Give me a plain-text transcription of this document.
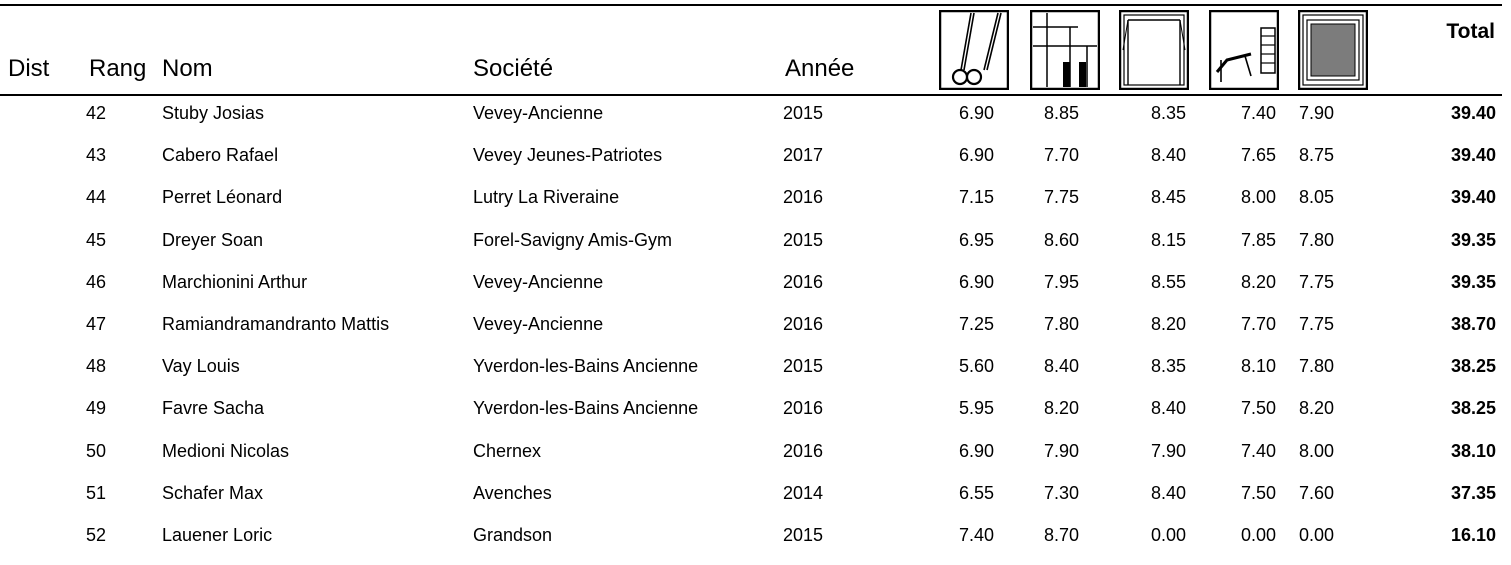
Dist Rang Nom	Société	Année
Total
42	Stuby Josias	Vevey-Ancienne	2015	6.90	8.85	8.35	7.40 7.90	39.40
43	Cabero Rafael	Vevey Jeunes-Patriotes	2017	6.90	7.70	8.40	7.65 8.75	39.40
44	Perret Léonard	Lutry La Riveraine	2016	7.15	7.75	8.45	8.00 8.05	39.40
45	Dreyer Soan	Forel-Savigny Amis-Gym	2015	6.95	8.60	8.15	7.85 7.80	39.35
46	Marchionini Arthur	Vevey-Ancienne	2016	6.90	7.95	8.55	8.20 7.75	39.35
47	Ramiandramandranto Mattis	Vevey-Ancienne	2016	7.25	7.80	8.20	7.70 7.75	38.70
48	Vay Louis	Yverdon-les-Bains Ancienne	2015	5.60	8.40	8.35	8.10 7.80	38.25
49	Favre Sacha	Yverdon-les-Bains Ancienne	2016	5.95	8.20	8.40	7.50 8.20	38.25
50	Medioni Nicolas	Chernex	2016	6.90	7.90	7.90	7.40 8.00	38.10
51	Schafer Max	Avenches	2014	6.55	7.30	8.40	7.50 7.60	37.35
52	Lauener Loric	Grandson	2015	7.40	8.70	0.00	0.00 0.00	16.10
